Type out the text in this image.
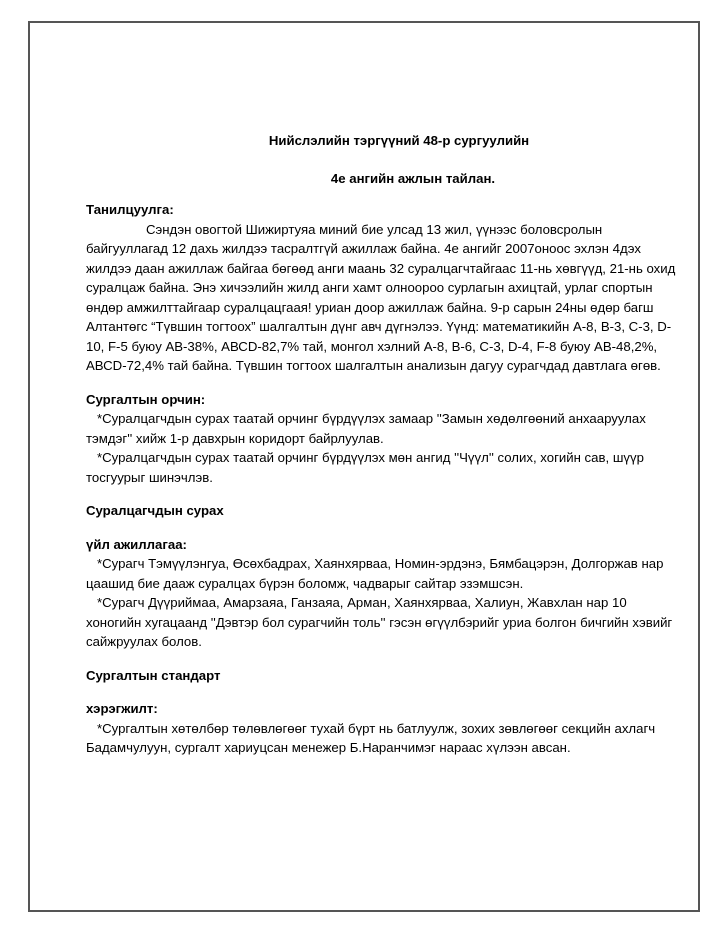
Нийслэлийн тэргүүний 48-р сургуулийн

4е ангийн ажлын тайлан.

Танилцуулга:

Сэндэн овогтой Шижиртуяа миний бие улсад 13 жил, үүнээс боловсролын байгууллагад 12 дахь жилдээ тасралтгүй ажиллаж байна. 4е ангийг 2007оноос эхлэн 4дэх жилдээ даан ажиллаж байгаа бөгөөд анги маань 32 суралцагчтайгаас 11-нь хөвгүүд, 21-нь охид суралцаж байна. Энэ хичээлийн жилд анги хамт олноороо сурлагын ахицтай, урлаг спортын өндөр амжилттайгаар суралцацгаая! уриан доор ажиллаж байна. 9-р сарын 24ны өдөр багш Алтантөгс “Түвшин тогтоох” шалгалтын дүнг авч дүгнэлээ. Үүнд: математикийн А-8, В-3, С-3, D-10, F-5 буюу АВ-38%, АВСD-82,7% тай, монгол хэлний А-8, В-6, С-3, D-4, F-8 буюу АВ-48,2%, АВСD-72,4% тай байна. Түвшин тогтоох шалгалтын анализын дагуу сурагчдад давтлага өгөв.

Сургалтын орчин:

*Суралцагчдын сурах таатай орчинг бүрдүүлэх замаар ''Замын хөдөлгөөний анхааруулах тэмдэг'' хийж 1-р давхрын коридорт байрлуулав.

*Суралцагчдын сурах таатай орчинг бүрдүүлэх мөн ангид ''Чүүл'' солих, хогийн сав, шүүр тосгуурыг шинэчлэв.

Суралцагчдын сурах

үйл ажиллагаа:

*Сурагч Тэмүүлэнгуа, Өсөхбадрах, Хаянхярваа, Номин-эрдэнэ, Бямбацэрэн, Долгоржав нар цаашид бие дааж суралцах бүрэн боломж, чадварыг сайтар эзэмшсэн.

*Сурагч Дүүриймаа, Амарзаяа, Ганзаяа, Арман, Хаянхярваа, Халиун, Жавхлан нар 10 хоногийн хугацаанд ''Дэвтэр бол сурагчийн толь'' гэсэн өгүүлбэрийг уриа болгон бичгийн хэвийг сайжруулах болов.

Сургалтын стандарт

хэрэгжилт:

*Сургалтын хөтөлбөр төлөвлөгөөг тухай бүрт нь батлуулж, зохих зөвлөгөөг секцийн ахлагч Бадамчулуун, сургалт хариуцсан менежер Б.Наранчимэг нараас хүлээн авсан.
